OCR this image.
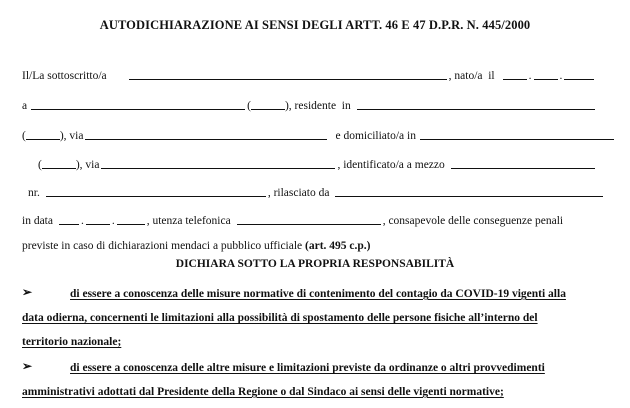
AUTODICHIARAZIONE AI SENSI DEGLI ARTT. 46 E 47 D.P.R. N. 445/2000
Il/La sottoscritto/a	, nato/a  il	. .
a	(	) , residente  in
(	), via	e domiciliato/a in
(	), via	, identificato/a a mezzo
nr.	, rilasciato da
in data . .	, utenza telefonica	, consapevole delle conseguenze penali
previste in caso di dichiarazioni mendaci a pubblico ufficiale (art. 495 c.p.)
DICHIARA SOTTO LA PROPRIA RESPONSABILITÀ
➢	di essere a conoscenza delle misure normative di contenimento del contagio da COVID-19 vigenti alla
data odierna, concernenti le limitazioni alla possibilità di spostamento delle persone fisiche all’interno del
territorio nazionale;
➢	di essere a conoscenza delle altre misure e limitazioni previste da ordinanze o altri provvedimenti
amministrativi adottati dal Presidente della Regione o dal Sindaco ai sensi delle vigenti normative;
